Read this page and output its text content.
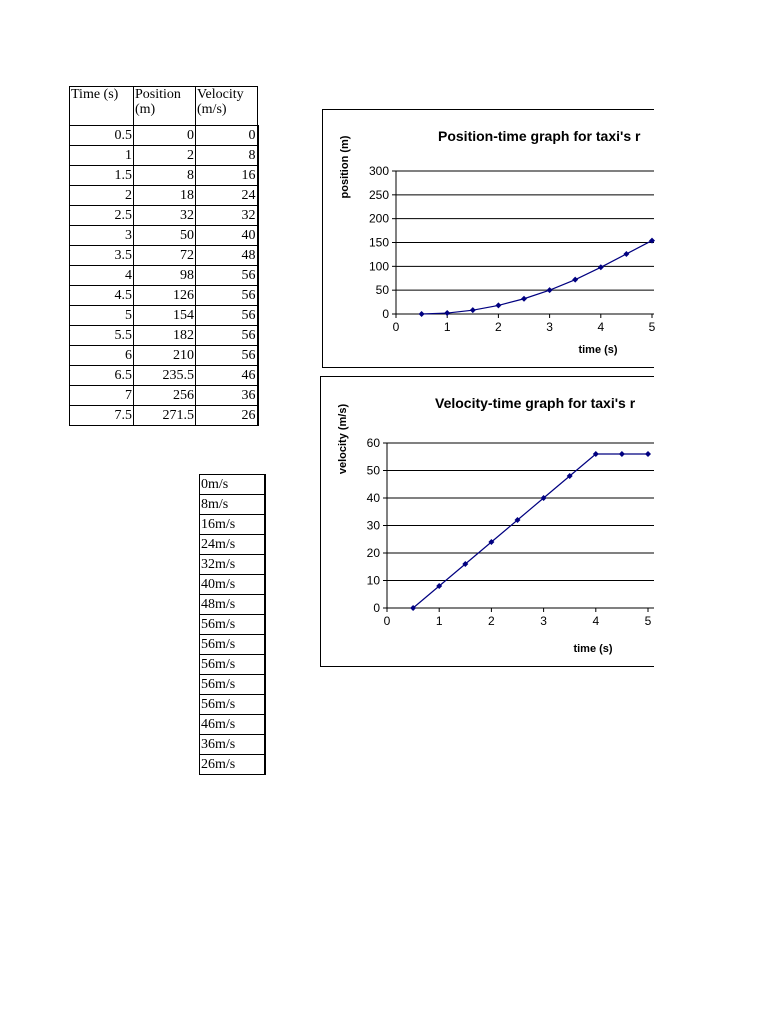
Time (s)	Position (m)	Velocity (m/s)
0.5	0	0
1	2	8
1.5	8	16
2	18	24
2.5	32	32
3	50	40
3.5	72	48
4	98	56
4.5	126	56
5	154	56
5.5	182	56
6	210	56
6.5	235.5	46
7	256	36
7.5	271.5	26
0m/s
8m/s
16m/s
24m/s
32m/s
40m/s
48m/s
56m/s
56m/s
56m/s
56m/s
56m/s
46m/s
36m/s
26m/s
Position-time graph for taxi's r
0
50
100
150
200
250
300
0	1	2	3	4	5
time (s)
position (m)
Velocity-time graph for taxi's r
0
10
20
30
40
50
60
0	1	2	3	4	5
time (s)
velocity (m/s)
